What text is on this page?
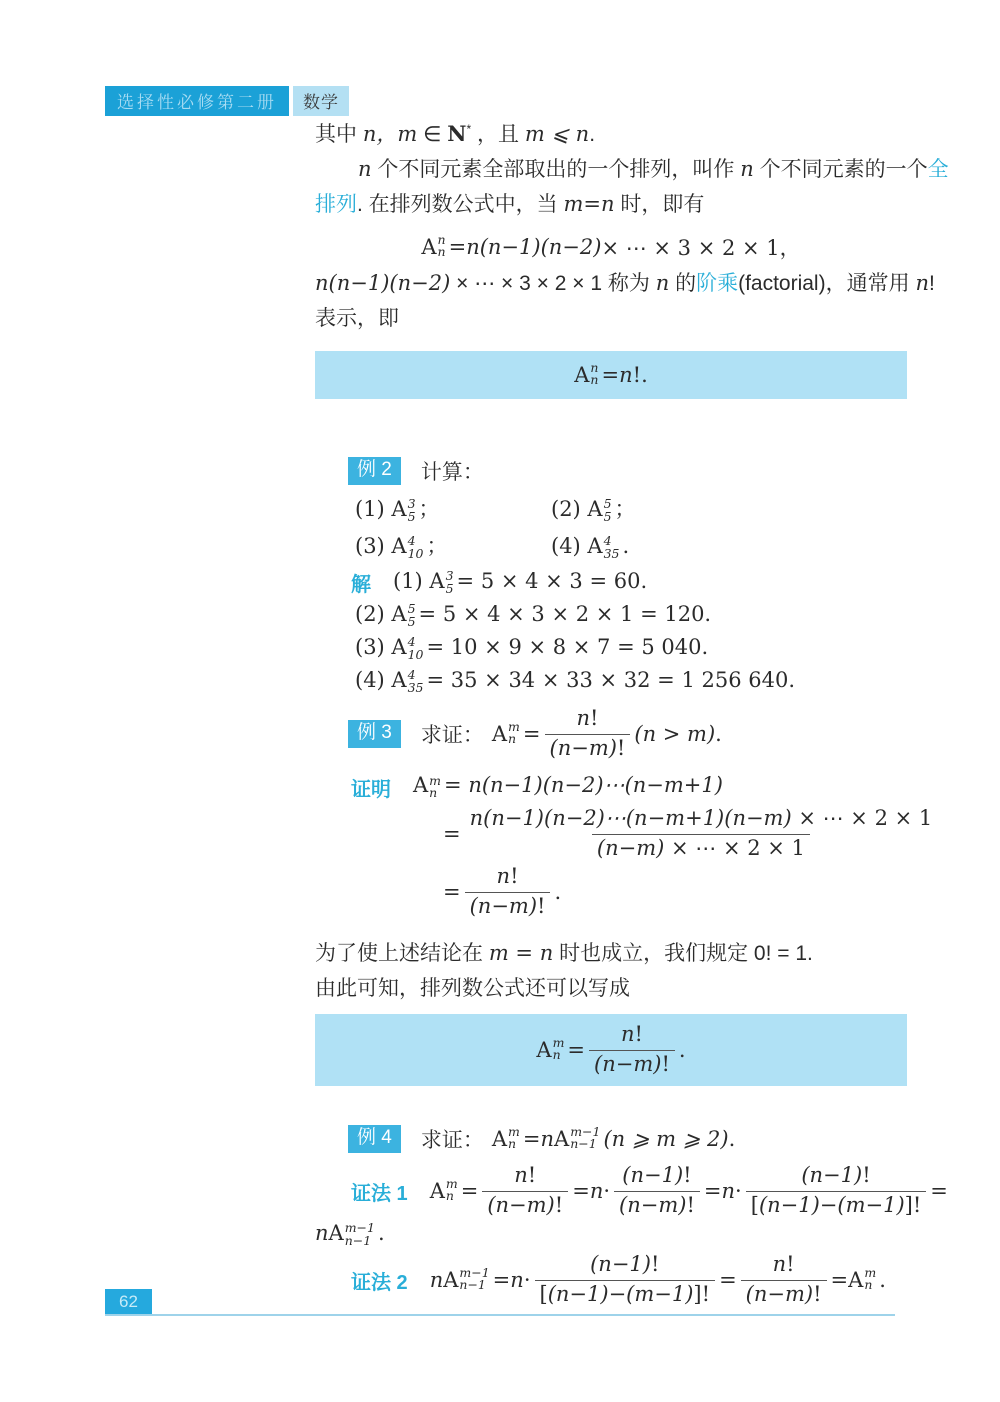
选择性必修第二册	数学

其中 n，m ∈ N* ，且 m ⩽ n.

n 个不同元素全部取出的一个排列，叫作 n 个不同元素的一个全

排列. 在排列数公式中，当 m=n 时，即有

A n
n = n(n−1)(n−2) × ⋯ × 3 × 2 × 1，

n(n−1)(n−2) × ⋯ × 3 × 2 × 1 称为 n 的阶乘(factorial)，通常用 n!

表示，即

A n
n = n !.
例 2	计算：
(1) A 3
5 ；	(2) A 5
5 ；
(3) A 4
10 ；	(4) A 4
35 .
解 (1) A 3
5 = 5 × 4 × 3 = 60.
(2) A 5
5 = 5 × 4 × 3 × 2 × 1 = 120.
(3) A 4
10 = 10 × 9 × 8 × 7 = 5 040.
(4) A 4
35 = 35 × 34 × 33 × 32 = 1 256 640.
例 3	求证： A m
$n = \frac{n!}{(n-m)!} (n > m)$ .
证明 A m
n = n(n−1)(n−2)⋯(n−m+1)
= $\frac{n(n-1)(n-2)\cdots(n-m+1)(n-m) \times \cdots \times 2 \times 1}{(n-m) \times \cdots \times 2 \times 1}$
= $\frac{n!}{(n-m)!}$ .

为了使上述结论在 m = n 时也成立，我们规定 0! = 1.

由此可知，排列数公式还可以写成

A m
$n = \frac{n!}{(n-m)!}$ .
例 4	求证： A m
n = n A m−1
n−1 (n ⩾ m ⩾ 2) .
证法 1 A m
$n = \frac{n!}{(n-m)!} = n \cdot \frac{(n-1)!}{(n-m)!} = n \cdot \frac{(n-1)!}{[(n-1)-(m-1)]!}$ =
nA m−1
n−1 .
证法 2 n A m−1
$n-1 = n \cdot \frac{(n-1)!}{[(n-1)-(m-1)]!} = \frac{n!}{(n-m)!} = A$ m
n .
62
